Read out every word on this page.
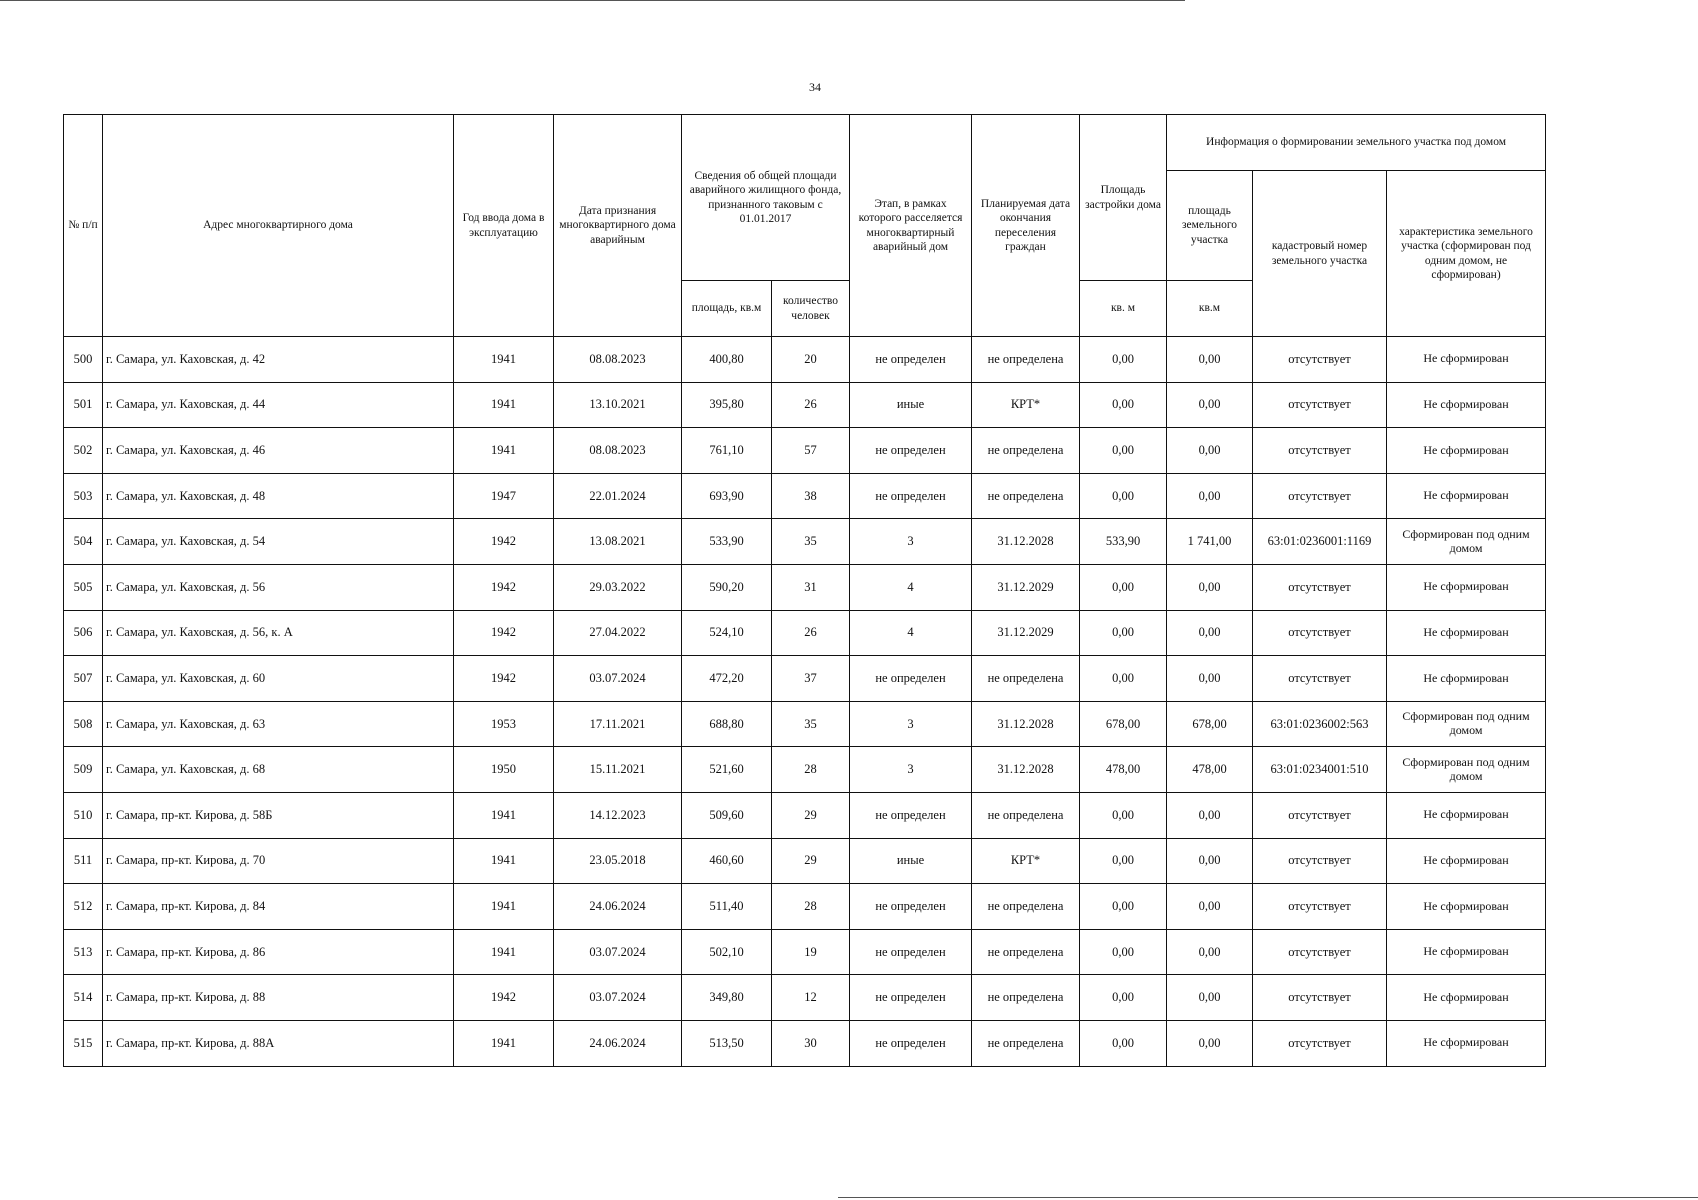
34
№ п/п	Адрес многоквартирного дома	Год ввода дома в эксплуатацию	Дата признания многоквартирного дома аварийным	Сведения об общей площади аварийного жилищного фонда, признанного таковым с 01.01.2017		Этап, в рамках которого расселяется многоквартирный аварийный дом	Планируемая дата окончания переселения граждан	Площадь застройки дома	Информация о формировании земельного участка под домом		
									площадь земельного участка	кадастровый номер земельного участка	характеристика земельного участка (сформирован под одним домом, не сформирован)
				площадь, кв.м	количество человек			кв. м	кв.м		
500	г. Самара, ул. Каховская, д. 42	1941	08.08.2023	400,80	20	не определен	не определена	0,00	0,00	отсутствует	Не сформирован
501	г. Самара, ул. Каховская, д. 44	1941	13.10.2021	395,80	26	иные	КРТ*	0,00	0,00	отсутствует	Не сформирован
502	г. Самара, ул. Каховская, д. 46	1941	08.08.2023	761,10	57	не определен	не определена	0,00	0,00	отсутствует	Не сформирован
503	г. Самара, ул. Каховская, д. 48	1947	22.01.2024	693,90	38	не определен	не определена	0,00	0,00	отсутствует	Не сформирован
504	г. Самара, ул. Каховская, д. 54	1942	13.08.2021	533,90	35	3	31.12.2028	533,90	1 741,00	63:01:0236001:1169	Сформирован под одним домом
505	г. Самара, ул. Каховская, д. 56	1942	29.03.2022	590,20	31	4	31.12.2029	0,00	0,00	отсутствует	Не сформирован
506	г. Самара, ул. Каховская, д. 56, к. А	1942	27.04.2022	524,10	26	4	31.12.2029	0,00	0,00	отсутствует	Не сформирован
507	г. Самара, ул. Каховская, д. 60	1942	03.07.2024	472,20	37	не определен	не определена	0,00	0,00	отсутствует	Не сформирован
508	г. Самара, ул. Каховская, д. 63	1953	17.11.2021	688,80	35	3	31.12.2028	678,00	678,00	63:01:0236002:563	Сформирован под одним домом
509	г. Самара, ул. Каховская, д. 68	1950	15.11.2021	521,60	28	3	31.12.2028	478,00	478,00	63:01:0234001:510	Сформирован под одним домом
510	г. Самара, пр-кт. Кирова, д. 58Б	1941	14.12.2023	509,60	29	не определен	не определена	0,00	0,00	отсутствует	Не сформирован
511	г. Самара, пр-кт. Кирова, д. 70	1941	23.05.2018	460,60	29	иные	КРТ*	0,00	0,00	отсутствует	Не сформирован
512	г. Самара, пр-кт. Кирова, д. 84	1941	24.06.2024	511,40	28	не определен	не определена	0,00	0,00	отсутствует	Не сформирован
513	г. Самара, пр-кт. Кирова, д. 86	1941	03.07.2024	502,10	19	не определен	не определена	0,00	0,00	отсутствует	Не сформирован
514	г. Самара, пр-кт. Кирова, д. 88	1942	03.07.2024	349,80	12	не определен	не определена	0,00	0,00	отсутствует	Не сформирован
515	г. Самара, пр-кт. Кирова, д. 88А	1941	24.06.2024	513,50	30	не определен	не определена	0,00	0,00	отсутствует	Не сформирован
